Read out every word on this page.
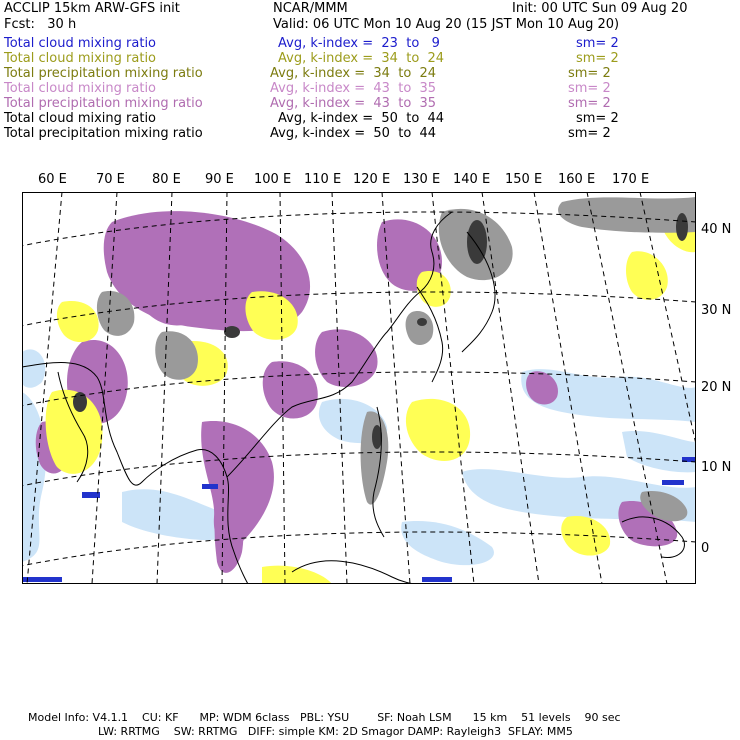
ACCLIP 15km ARW-GFS init	NCAR/MMM	Init: 00 UTC Sun 09 Aug 20
Fcst:   30 h	Valid: 06 UTC Mon 10 Aug 20 (15 JST Mon 10 Aug 20)
Total cloud mixing ratio	Avg, k-index =  23  to   9	sm= 2
Total cloud mixing ratio	Avg, k-index =  34  to  24	sm= 2
Total precipitation mixing ratio	Avg, k-index =  34  to  24	sm= 2
Total cloud mixing ratio	Avg, k-index =  43  to  35	sm= 2
Total precipitation mixing ratio	Avg, k-index =  43  to  35	sm= 2
Total cloud mixing ratio	Avg, k-index =  50  to  44	sm= 2
Total precipitation mixing ratio	Avg, k-index =  50  to  44	sm= 2
60 E 70 E 80 E 90 E 100 E 110 E 120 E 130 E 140 E 150 E 160 E 170 E
40 N
30 N
20 N
10 N
0
Model Info: V4.1.1    CU: KF      MP: WDM 6class   PBL: YSU        SF: Noah LSM      15 km    51 levels    90 sec
LW: RRTMG    SW: RRTMG   DIFF: simple KM: 2D Smagor DAMP: Rayleigh3  SFLAY: MM5
